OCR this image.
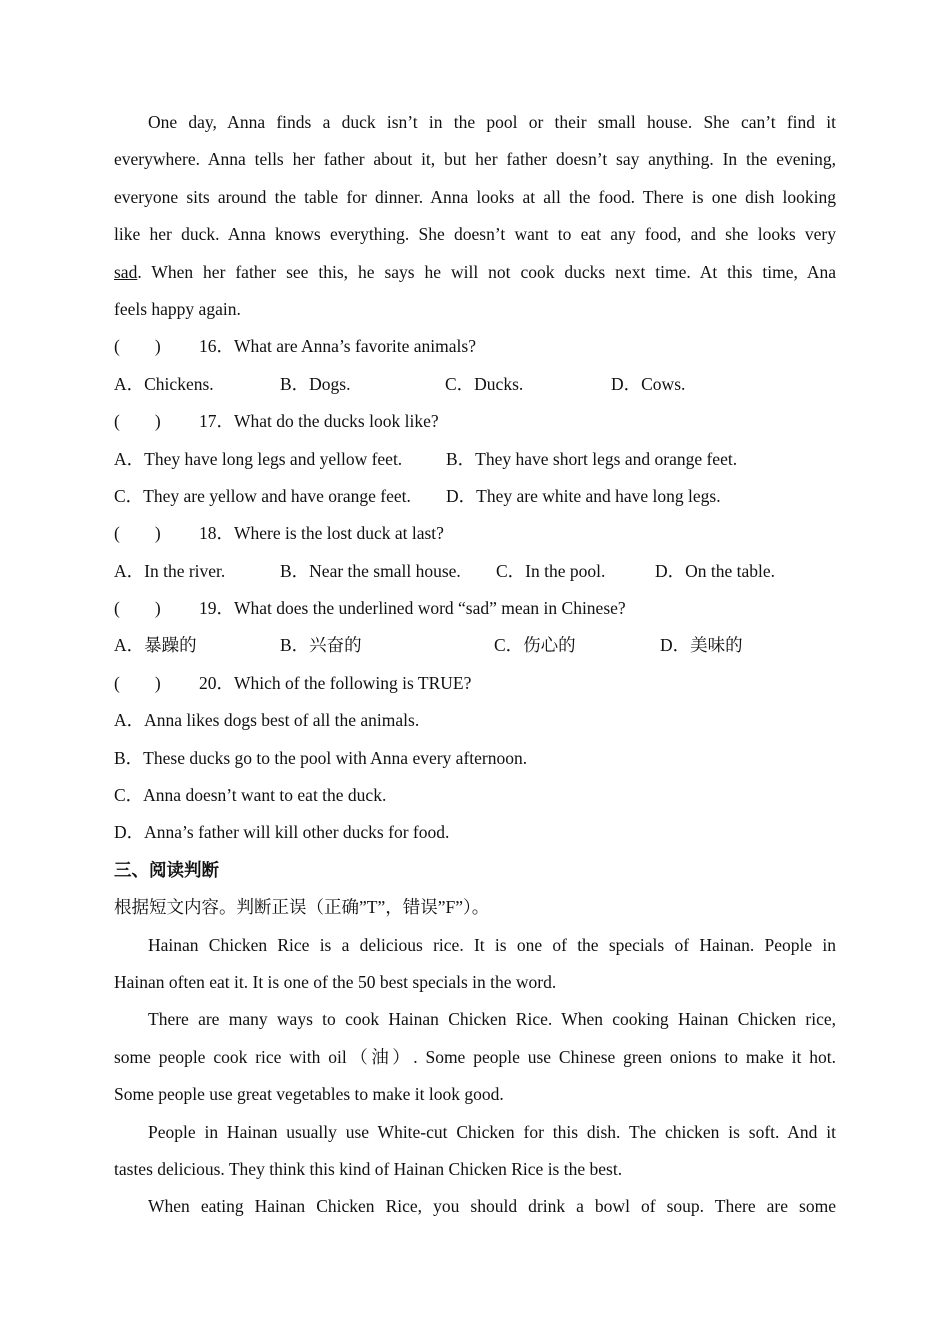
One day, Anna finds a duck isn’t in the pool or their small house. She can’t find it
everywhere. Anna tells her father about it, but her father doesn’t say anything. In the evening,
everyone sits around the table for dinner. Anna looks at all the food. There is one dish looking
like her duck. Anna knows everything. She doesn’t want to eat any food, and she looks very
sad. When her father see this, he says he will not cook ducks next time. At this time, Ana
feels happy again.
(　　) 16．What are Anna’s favorite animals?
A．Chickens.	B．Dogs.	C．Ducks.	D．Cows.
(　　) 17．What do the ducks look like?
A．They have long legs and yellow feet.	B．They have short legs and orange feet.
C．They are yellow and have orange feet. D．They are white and have long legs.
(　　) 18．Where is the lost duck at last?
A．In the river.	B．Near the small house. C．In the pool.	D．On the table.
(　　) 19．What does the underlined word “sad” mean in Chinese?
A．暴躁的	B．兴奋的	C．伤心的	D．美味的
(　　) 20．Which of the following is TRUE?
A．Anna likes dogs best of all the animals.
B．These ducks go to the pool with Anna every afternoon.
C．Anna doesn’t want to eat the duck.
D．Anna’s father will kill other ducks for food.
三、阅读判断
根据短文内容。判断正误（正确”T”，错误”F”）。
Hainan Chicken Rice is a delicious rice. It is one of the specials of Hainan. People in
Hainan often eat it. It is one of the 50 best specials in the word.
There are many ways to cook Hainan Chicken Rice. When cooking Hainan Chicken rice,
some people cook rice with oil（油）. Some people use Chinese green onions to make it hot.
Some people use great vegetables to make it look good.
People in Hainan usually use White-cut Chicken for this dish. The chicken is soft. And it
tastes delicious. They think this kind of Hainan Chicken Rice is the best.
When eating Hainan Chicken Rice, you should drink a bowl of soup. There are some
